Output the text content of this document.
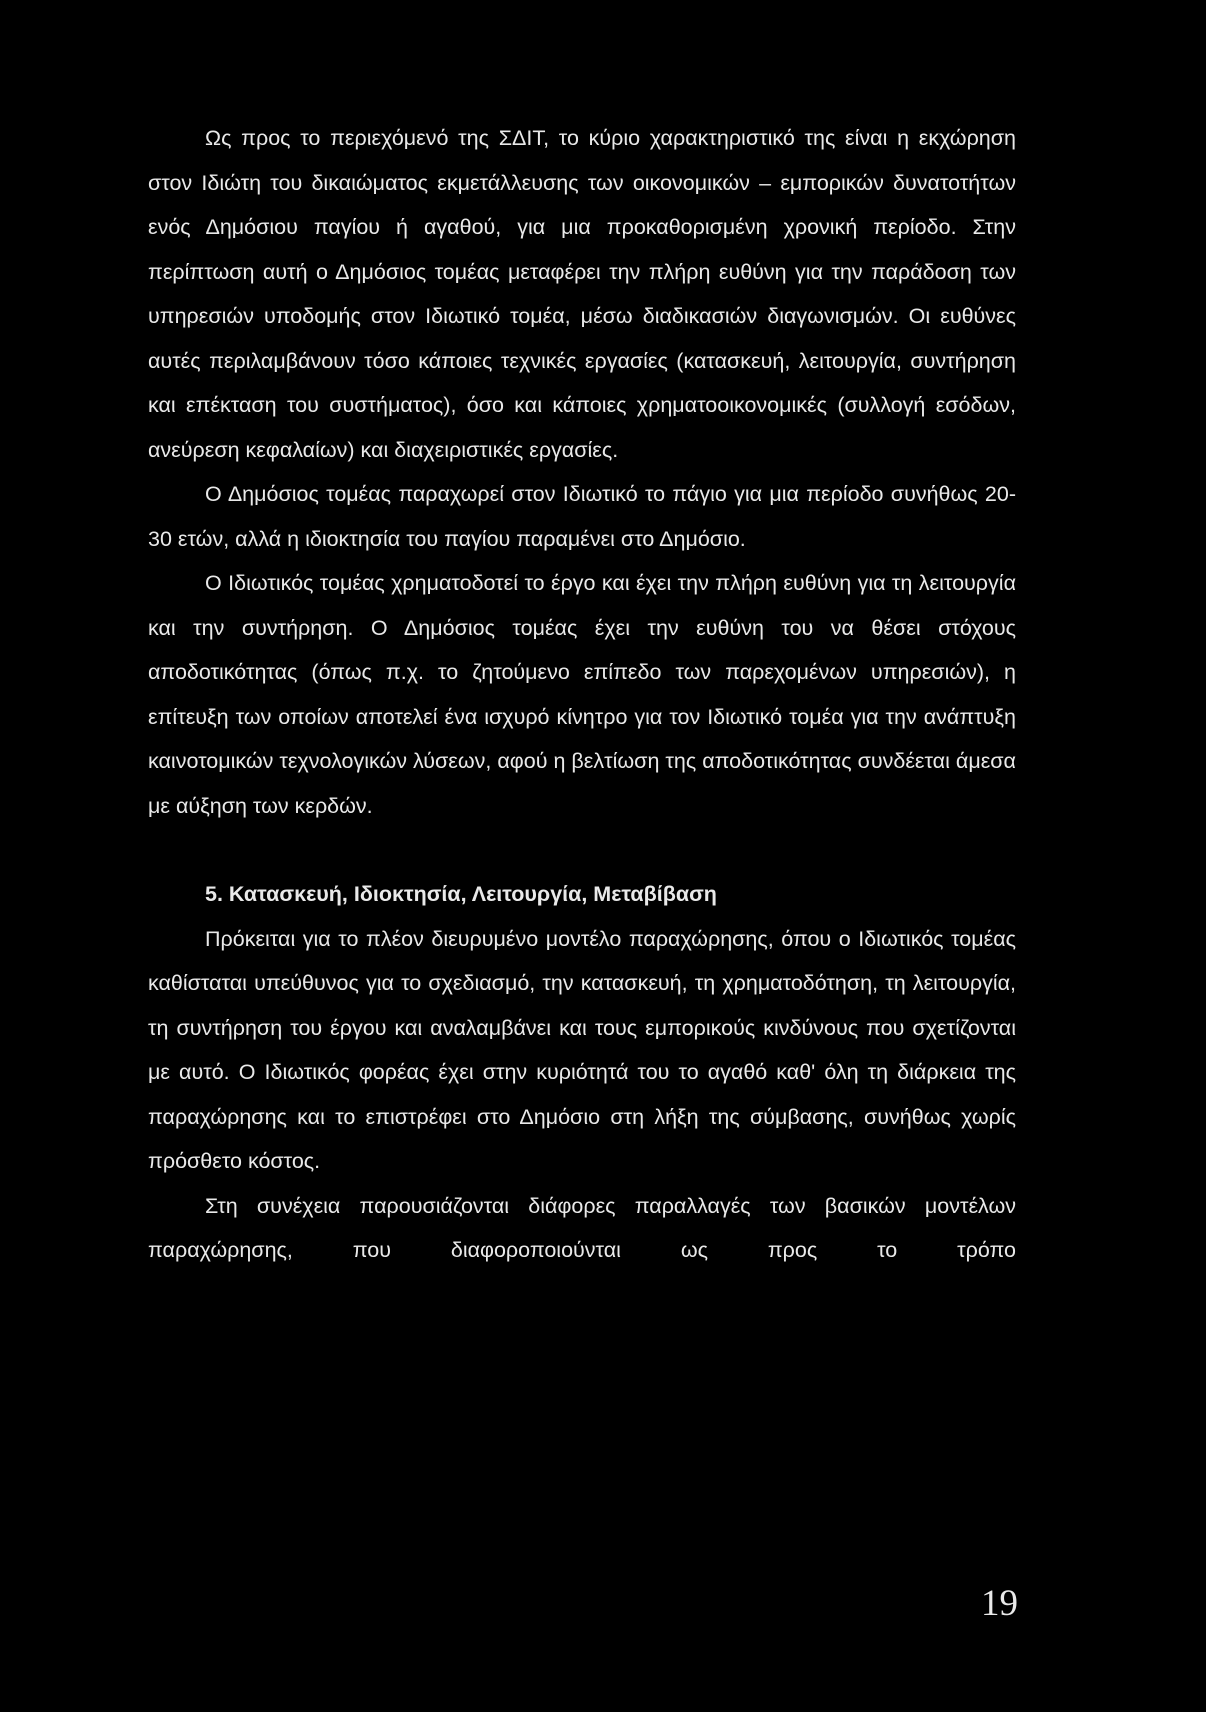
Ως προς το περιεχόμενό της ΣΔΙΤ, το κύριο χαρακτηριστικό της είναι η εκχώρηση στον Ιδιώτη του δικαιώματος εκμετάλλευσης των οικονομικών – εμπορικών δυνατοτήτων ενός Δημόσιου παγίου ή αγαθού, για μια προκαθορισμένη χρονική περίοδο. Στην περίπτωση αυτή ο Δημόσιος τομέας μεταφέρει την πλήρη ευθύνη για την παράδοση των υπηρεσιών υποδομής στον Ιδιωτικό τομέα, μέσω διαδικασιών διαγωνισμών. Οι ευθύνες αυτές περιλαμβάνουν τόσο κάποιες τεχνικές εργασίες (κατασκευή, λειτουργία, συντήρηση και επέκταση του συστήματος), όσο και κάποιες χρηματοοικονομικές (συλλογή εσόδων, ανεύρεση κεφαλαίων) και διαχειριστικές εργασίες.

Ο Δημόσιος τομέας παραχωρεί στον Ιδιωτικό το πάγιο για μια περίοδο συνήθως 20-30 ετών, αλλά η ιδιοκτησία του παγίου παραμένει στο Δημόσιο.

Ο Ιδιωτικός τομέας χρηματοδοτεί το έργο και έχει την πλήρη ευθύνη για τη λειτουργία και την συντήρηση. Ο Δημόσιος τομέας έχει την ευθύνη του να θέσει στόχους αποδοτικότητας (όπως π.χ. το ζητούμενο επίπεδο των παρεχομένων υπηρεσιών), η επίτευξη των οποίων αποτελεί ένα ισχυρό κίνητρο για τον Ιδιωτικό τομέα για την ανάπτυξη καινοτομικών τεχνολογικών λύσεων, αφού η βελτίωση της αποδοτικότητας συνδέεται άμεσα με αύξηση των κερδών.

5. Κατασκευή, Ιδιοκτησία, Λειτουργία, Μεταβίβαση

Πρόκειται για το πλέον διευρυμένο μοντέλο παραχώρησης, όπου ο Ιδιωτικός τομέας καθίσταται υπεύθυνος για το σχεδιασμό, την κατασκευή, τη χρηματοδότηση, τη λειτουργία, τη συντήρηση του έργου και αναλαμβάνει και τους εμπορικούς κινδύνους που σχετίζονται με αυτό. Ο Ιδιωτικός φορέας έχει στην κυριότητά του το αγαθό καθ' όλη τη διάρκεια της παραχώρησης και το επιστρέφει στο Δημόσιο στη λήξη της σύμβασης, συνήθως χωρίς πρόσθετο κόστος.

Στη συνέχεια παρουσιάζονται διάφορες παραλλαγές των βασικών μοντέλων παραχώρησης, που διαφοροποιούνται ως προς το τρόπο

19
